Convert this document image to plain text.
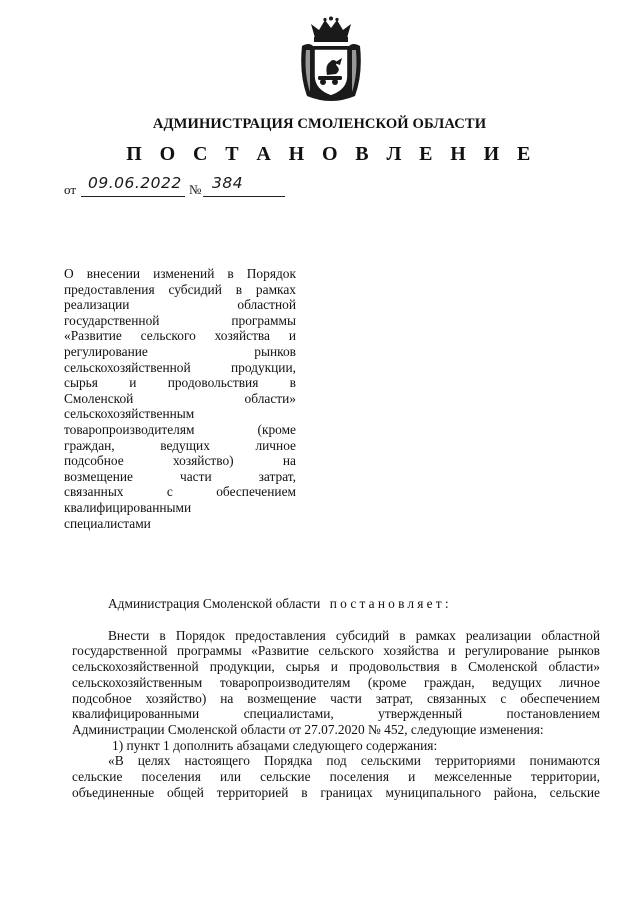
АДМИНИСТРАЦИЯ СМОЛЕНСКОЙ ОБЛАСТИ
П О С Т А Н О В Л Е Н И Е
от 09.06.2022 № 384
О внесении изменений в Порядок
предоставления субсидий в рамках
реализации областной
государственной программы
«Развитие сельского хозяйства и
регулирование рынков
сельскохозяйственной продукции,
сырья и продовольствия в
Смоленской области»
сельскохозяйственным
товаропроизводителям (кроме
граждан, ведущих личное
подсобное хозяйство) на
возмещение части затрат,
связанных с обеспечением
квалифицированными
специалистами
Администрация Смоленской области постановляет:
Внести в Порядок предоставления субсидий в рамках реализации областной
государственной программы «Развитие сельского хозяйства и регулирование рынков
сельскохозяйственной продукции, сырья и продовольствия в Смоленской области»
сельскохозяйственным товаропроизводителям (кроме граждан, ведущих личное
подсобное хозяйство) на возмещение части затрат, связанных с обеспечением
квалифицированными специалистами, утвержденный постановлением
Администрации Смоленской области от 27.07.2020 № 452, следующие изменения:
1) пункт 1 дополнить абзацами следующего содержания:
«В целях настоящего Порядка под сельскими территориями понимаются
сельские поселения или сельские поселения и межселенные территории,
объединенные общей территорией в границах муниципального района, сельские
